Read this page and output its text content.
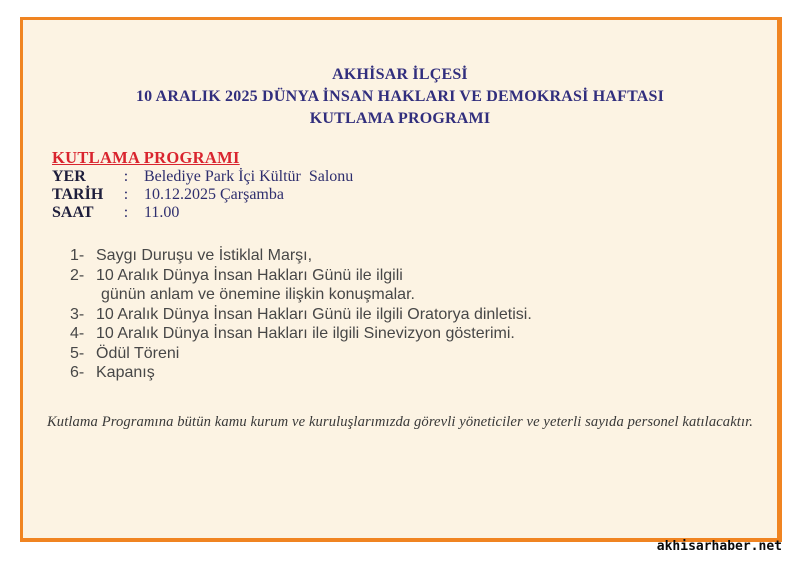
AKHİSAR İLÇESİ
10 ARALIK 2025 DÜNYA İNSAN HAKLARI VE DEMOKRASİ HAFTASI
KUTLAMA PROGRAMI
KUTLAMA PROGRAMI
YER	: Belediye Park İçi Kültür  Salonu
TARİH	: 10.12.2025 Çarşamba
SAAT	: 11.00
1- Saygı Duruşu ve İstiklal Marşı,
2- 10 Aralık Dünya İnsan Hakları Günü ile ilgili
günün anlam ve önemine ilişkin konuşmalar.
3- 10 Aralık Dünya İnsan Hakları Günü ile ilgili Oratorya dinletisi.
4- 10 Aralık Dünya İnsan Hakları ile ilgili Sinevizyon gösterimi.
5- Ödül Töreni
6- Kapanış
Kutlama Programına bütün kamu kurum ve kuruluşlarımızda görevli yöneticiler ve yeterli sayıda personel katılacaktır.
akhisarhaber.net
